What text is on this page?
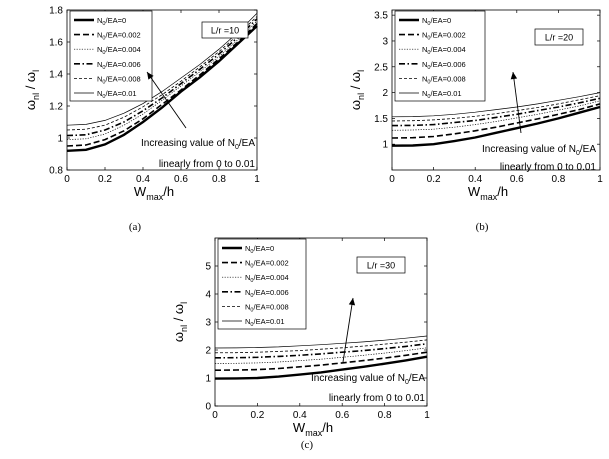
0	0.2 0.4 0.6 0.8	1
0.8
1
1.2
1.4
1.6
1.8
$W_{max}/h$
$\omega_{nl} / \omega_l$
$N_0/EA=0$
$N_0/EA=0.002$
$N_0/EA=0.004$
$N_0/EA=0.006$
$N_0/EA=0.008$
$N_0/EA=0.01$
L/r =10
Increasing value of $N_0/EA$
linearly from 0 to 0.01
(a)
0	0.2	0.4	0.6	0.8	1
1
1.5
2
2.5
3
3.5
$W_{max}/h$
$\omega_{nl} / \omega_l$
$N_0/EA=0$
$N_0/EA=0.002$
$N_0/EA=0.004$
$N_0/EA=0.006$
$N_0/EA=0.008$
$N_0/EA=0.01$
L/r =20
Increasing value of $N_0/EA$
linearly from 0 to 0.01
(b)
0	0.2	0.4	0.6	0.8	1
0
1
2
3
4
5
$W_{max}/h$
$\omega_{nl} / \omega_l$
$N_0/EA=0$
$N_0/EA=0.002$
$N_0/EA=0.004$
$N_0/EA=0.006$
$N_0/EA=0.008$
$N_0/EA=0.01$
L/r =30
Increasing value of $N_0/EA$
linearly from 0 to 0.01
(c)
